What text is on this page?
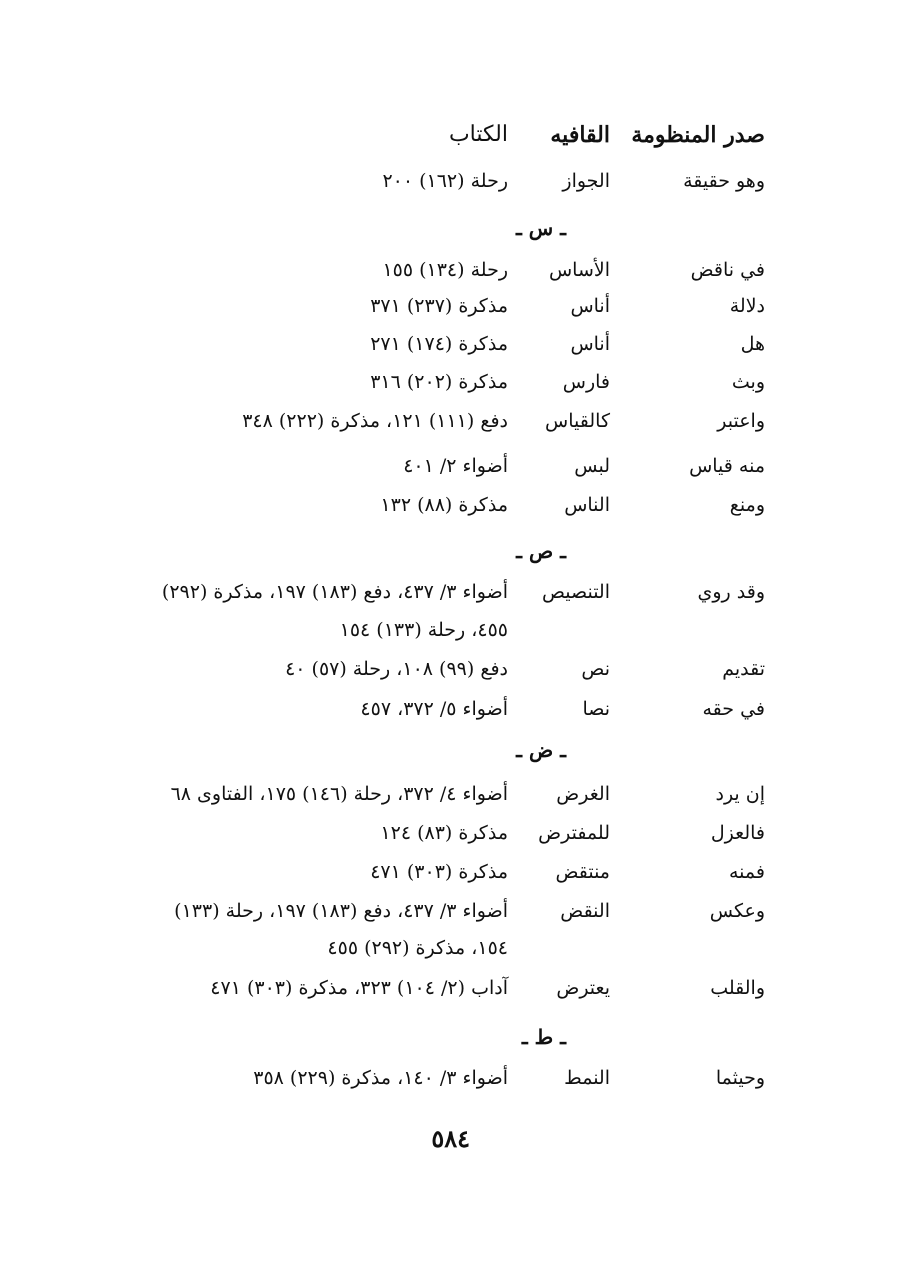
صدر المنظومة
القافيه
الكتاب
وهو حقيقة
الجواز
رحلة (١٦٢) ٢٠٠
ـ س ـ
في ناقض
الأساس
رحلة (١٣٤) ١٥٥
دلالة
أناس
مذكرة (٢٣٧) ٣٧١
هل
أناس
مذكرة (١٧٤) ٢٧١
وبث
فارس
مذكرة (٢٠٢) ٣١٦
واعتبر
كالقياس
دفع (١١١) ١٢١، مذكرة (٢٢٢) ٣٤٨
منه قياس
لبس
أضواء ٢/ ٤٠١
ومنع
الناس
مذكرة (٨٨) ١٣٢
ـ ص ـ
وقد روي
التنصيص
أضواء ٣/ ٤٣٧، دفع (١٨٣) ١٩٧، مذكرة (٢٩٢)
٤٥٥، رحلة (١٣٣) ١٥٤
تقديم
نص
دفع (٩٩) ١٠٨، رحلة (٥٧) ٤٠
في حقه
نصا
أضواء ٥/ ٣٧٢، ٤٥٧
ـ ض ـ
إن يرد
الغرض
أضواء ٤/ ٣٧٢، رحلة (١٤٦) ١٧٥، الفتاوى ٦٨
فالعزل
للمفترض
مذكرة (٨٣) ١٢٤
فمنه
منتقض
مذكرة (٣٠٣) ٤٧١
وعكس
النقض
أضواء ٣/ ٤٣٧، دفع (١٨٣) ١٩٧، رحلة (١٣٣)
١٥٤، مذكرة (٢٩٢) ٤٥٥
والقلب
يعترض
آداب (٢/ ١٠٤) ٣٢٣، مذكرة (٣٠٣) ٤٧١
ـ ط ـ
وحيثما
النمط
أضواء ٣/ ١٤٠، مذكرة (٢٢٩) ٣٥٨
٥٨٤
